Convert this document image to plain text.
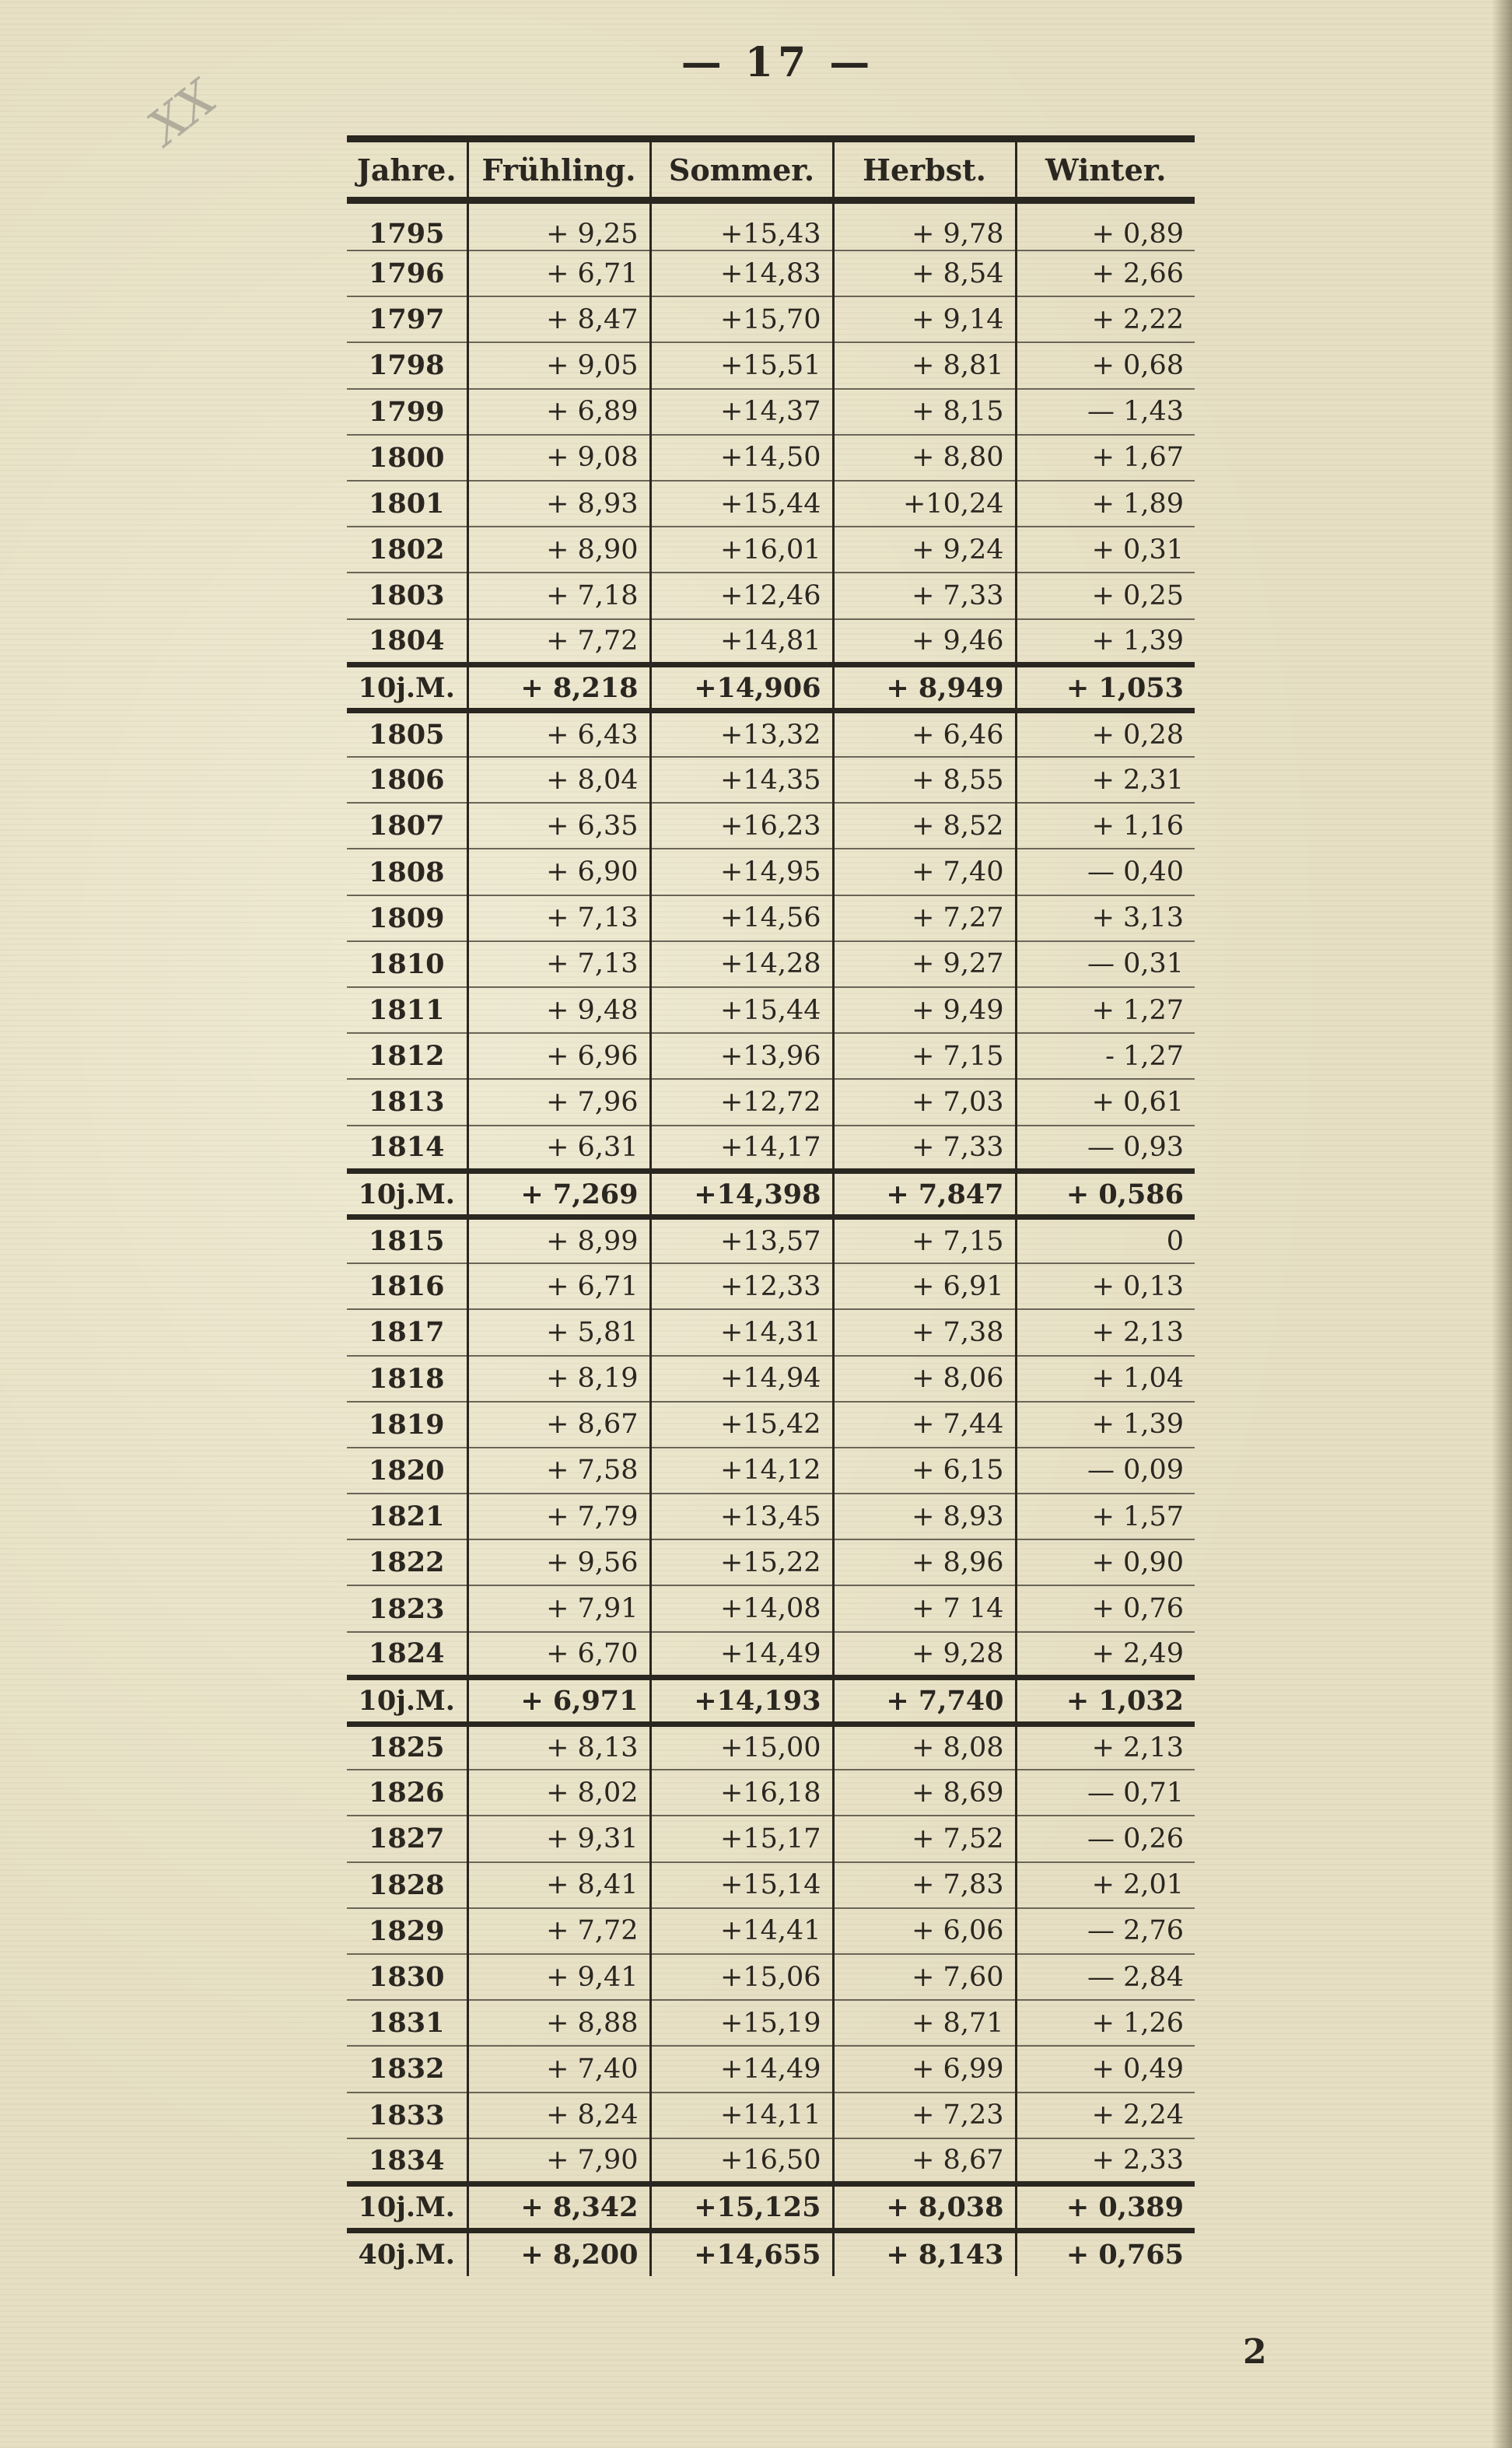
XX
— 17 —
Jahre.	Frühling.	Sommer.	Herbst.	Winter.
1795	+ 9,25	+15,43	+ 9,78	+ 0,89
1796	+ 6,71	+14,83	+ 8,54	+ 2,66
1797	+ 8,47	+15,70	+ 9,14	+ 2,22
1798	+ 9,05	+15,51	+ 8,81	+ 0,68
1799	+ 6,89	+14,37	+ 8,15	— 1,43
1800	+ 9,08	+14,50	+ 8,80	+ 1,67
1801	+ 8,93	+15,44	+10,24	+ 1,89
1802	+ 8,90	+16,01	+ 9,24	+ 0,31
1803	+ 7,18	+12,46	+ 7,33	+ 0,25
1804	+ 7,72	+14,81	+ 9,46	+ 1,39
10j.M.	+ 8,218	+14,906	+ 8,949	+ 1,053
1805	+ 6,43	+13,32	+ 6,46	+ 0,28
1806	+ 8,04	+14,35	+ 8,55	+ 2,31
1807	+ 6,35	+16,23	+ 8,52	+ 1,16
1808	+ 6,90	+14,95	+ 7,40	— 0,40
1809	+ 7,13	+14,56	+ 7,27	+ 3,13
1810	+ 7,13	+14,28	+ 9,27	— 0,31
1811	+ 9,48	+15,44	+ 9,49	+ 1,27
1812	+ 6,96	+13,96	+ 7,15	- 1,27
1813	+ 7,96	+12,72	+ 7,03	+ 0,61
1814	+ 6,31	+14,17	+ 7,33	— 0,93
10j.M.	+ 7,269	+14,398	+ 7,847	+ 0,586
1815	+ 8,99	+13,57	+ 7,15	0
1816	+ 6,71	+12,33	+ 6,91	+ 0,13
1817	+ 5,81	+14,31	+ 7,38	+ 2,13
1818	+ 8,19	+14,94	+ 8,06	+ 1,04
1819	+ 8,67	+15,42	+ 7,44	+ 1,39
1820	+ 7,58	+14,12	+ 6,15	— 0,09
1821	+ 7,79	+13,45	+ 8,93	+ 1,57
1822	+ 9,56	+15,22	+ 8,96	+ 0,90
1823	+ 7,91	+14,08	+ 7 14	+ 0,76
1824	+ 6,70	+14,49	+ 9,28	+ 2,49
10j.M.	+ 6,971	+14,193	+ 7,740	+ 1,032
1825	+ 8,13	+15,00	+ 8,08	+ 2,13
1826	+ 8,02	+16,18	+ 8,69	— 0,71
1827	+ 9,31	+15,17	+ 7,52	— 0,26
1828	+ 8,41	+15,14	+ 7,83	+ 2,01
1829	+ 7,72	+14,41	+ 6,06	— 2,76
1830	+ 9,41	+15,06	+ 7,60	— 2,84
1831	+ 8,88	+15,19	+ 8,71	+ 1,26
1832	+ 7,40	+14,49	+ 6,99	+ 0,49
1833	+ 8,24	+14,11	+ 7,23	+ 2,24
1834	+ 7,90	+16,50	+ 8,67	+ 2,33
10j.M.	+ 8,342	+15,125	+ 8,038	+ 0,389
40j.M.	+ 8,200	+14,655	+ 8,143	+ 0,765
2
